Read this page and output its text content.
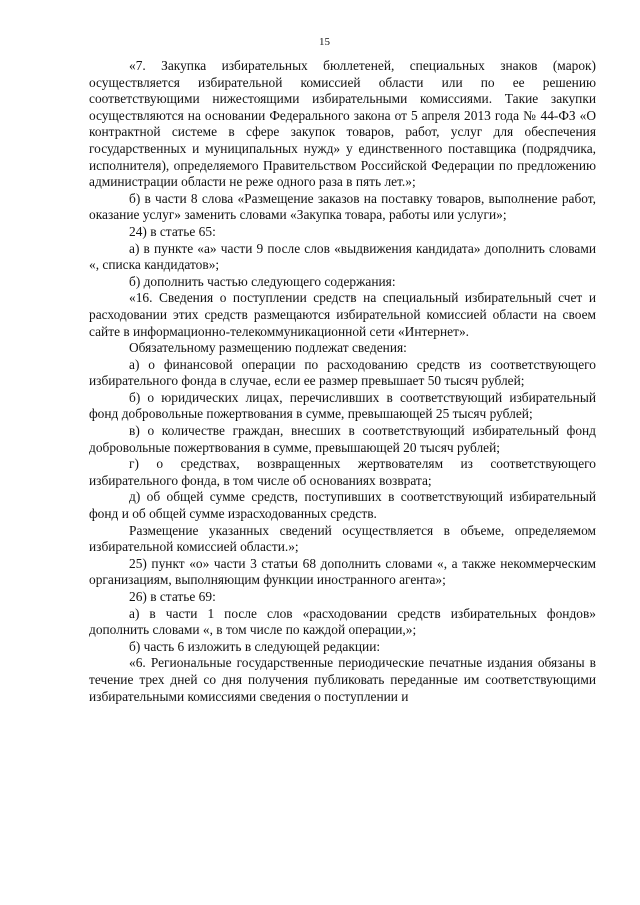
15

«7. Закупка избирательных бюллетеней, специальных знаков (марок) осуществляется избирательной комиссией области или по ее решению соответствующими нижестоящими избирательными комиссиями. Такие закупки осуществляются на основании Федерального закона от 5 апреля 2013 года № 44-ФЗ «О контрактной системе в сфере закупок товаров, работ, услуг для обеспечения государственных и муниципальных нужд» у единственного поставщика (подрядчика, исполнителя), определяемого Правительством Российской Федерации по предложению администрации области не реже одного раза в пять лет.»;

б) в части 8 слова «Размещение заказов на поставку товаров, выполнение работ, оказание услуг» заменить словами «Закупка товара, работы или услуги»;

24) в статье 65:

а) в пункте «а» части 9 после слов «выдвижения кандидата» дополнить словами «, списка кандидатов»;

б) дополнить частью следующего содержания:

«16. Сведения о поступлении средств на специальный избирательный счет и расходовании этих средств размещаются избирательной комиссией области на своем сайте в информационно-телекоммуникационной сети «Интернет».

Обязательному размещению подлежат сведения:

а) о финансовой операции по расходованию средств из соответствующего избирательного фонда в случае, если ее размер превышает 50 тысяч рублей;

б) о юридических лицах, перечисливших в соответствующий избирательный фонд добровольные пожертвования в сумме, превышающей 25 тысяч рублей;

в) о количестве граждан, внесших в соответствующий избирательный фонд добровольные пожертвования в сумме, превышающей 20 тысяч рублей;

г) о средствах, возвращенных жертвователям из соответствующего избирательного фонда, в том числе об основаниях возврата;

д) об общей сумме средств, поступивших в соответствующий избирательный фонд и об общей сумме израсходованных средств.

Размещение указанных сведений осуществляется в объеме, определяемом избирательной комиссией области.»;

25) пункт «о» части 3 статьи 68 дополнить словами «, а также некоммерческим организациям, выполняющим функции иностранного агента»;

26) в статье 69:

а) в части 1 после слов «расходовании средств избирательных фондов» дополнить словами «, в том числе по каждой операции,»;

б) часть 6 изложить в следующей редакции:

«6. Региональные государственные периодические печатные издания обязаны в течение трех дней со дня получения публиковать переданные им соответствующими избирательными комиссиями сведения о поступлении и
